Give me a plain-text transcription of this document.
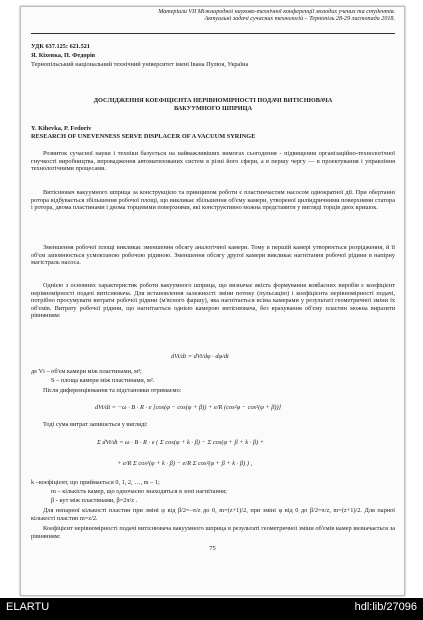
Матеріали VII Міжнародної науково-технічної конференції молодих учених та студентів.
Актуальні задачі сучасних технологій – Тернопіль 28-29 листопада 2018.

УДК 637.125: 621.521

Я. Кіхевка, П. Федорів

Тернопільський національний технічний університет імені Івана Пулюя, Україна

ДОСЛІДЖЕННЯ КОЕФІЦІЄНТА НЕРІВНОМІРНОСТІ ПОДАЧІ ВИТІСНЮВАЧА ВАКУУМНОГО ШПРИЦА

Y. Kihevka, P. Fedoriv

RESEARCH OF UNEVENNESS SERVE DISPLACER OF A VACUUM SYRINGE

Розвиток сучасної науки і техніки базується на найважливіших вимогах сьогодення - підвищення організаційно-технологічної гнучкості виробництва, впровадження автоматизованих систем в різні його сфери, а в першу чергу — в проектування і управління технологічними процесами.

Витіснювач вакуумного шприца за конструкцією та принципом роботи є пластинчастим насосом однократної дії. При обертанні ротора відбувається збільшення робочої площі, що викликає збільшення об'єму камери, утвореної циліндричними поверхнями статора і ротора, двома пластинами і двома торцевими поверхнями, які конструктивно можна представити у вигляді торців двох кришок.

Зменшення робочої площі викликає зменшення обсягу аналогічної камери. Тому в першій камері утворюється розрідження, й її об'єм заповнюється усмоктаною робочою рідиною. Зменшення обсягу другої камери викликає нагнітання робочої рідини в напірну магістраль насоса.

Однією з основних характеристик роботи вакуумного шприца, що визначає якість формування ковбасних виробів є коефіцієнт нерівномірності подачі витіснювача. Для встановлення залежності зміни потоку (пульсацію) і коефіцієнта нерівномірності подачі, потрібно просумувати витрати робочої рідини (м'ясного фаршу), яка нагнітається всіма камерами у результаті геометричної зміни їх об'ємів. Витрату робочої рідини, що нагнітається однією камерою витіснювача, без врахування об'єму пластин можна виразити рівнянням:

dVi/dt = dVi/dφ · dφ/dt

де Vі – об'єм камери між пластинами, м³;

S – площа камери між пластинами, м².

Після диференціювання та підстановки отримаємо:

dVi/dt = −ω · B · R · e [cos(φ − cos(φ + β)) + e/R (cos²φ − cos²(φ + β))]

Тоді сума витрат запишеться у вигляді:

Σ dVi/dt = ω · B · R · e ( Σ cos(φ + k · β) − Σ cos(φ + β + k · β) +
+ e/R Σ cos²(φ + k · β) − e/R Σ cos²(φ + β + k · β) ) ,

k –коефіцієнт, що приймається 0, 1, 2, …, m – 1;

m – кількість камер, що одночасно знаходяться в зоні нагнітання;

β - кут між пластинами, β=2π/z .

Для непарної кількості пластин при зміні φ від β/2=–π/z до 0, m=(z+1)/2, при зміні φ від 0 до β/2=π/z, m=(z+1)/2. Для парної кількості пластин m=z/2.

Коефіцієнт нерівномірності подачі витіснювача вакуумного шприца в результаті геометричної зміни об'ємів камер визначається за рівнянням:

75
ELARTU	hdl:lib/27096
